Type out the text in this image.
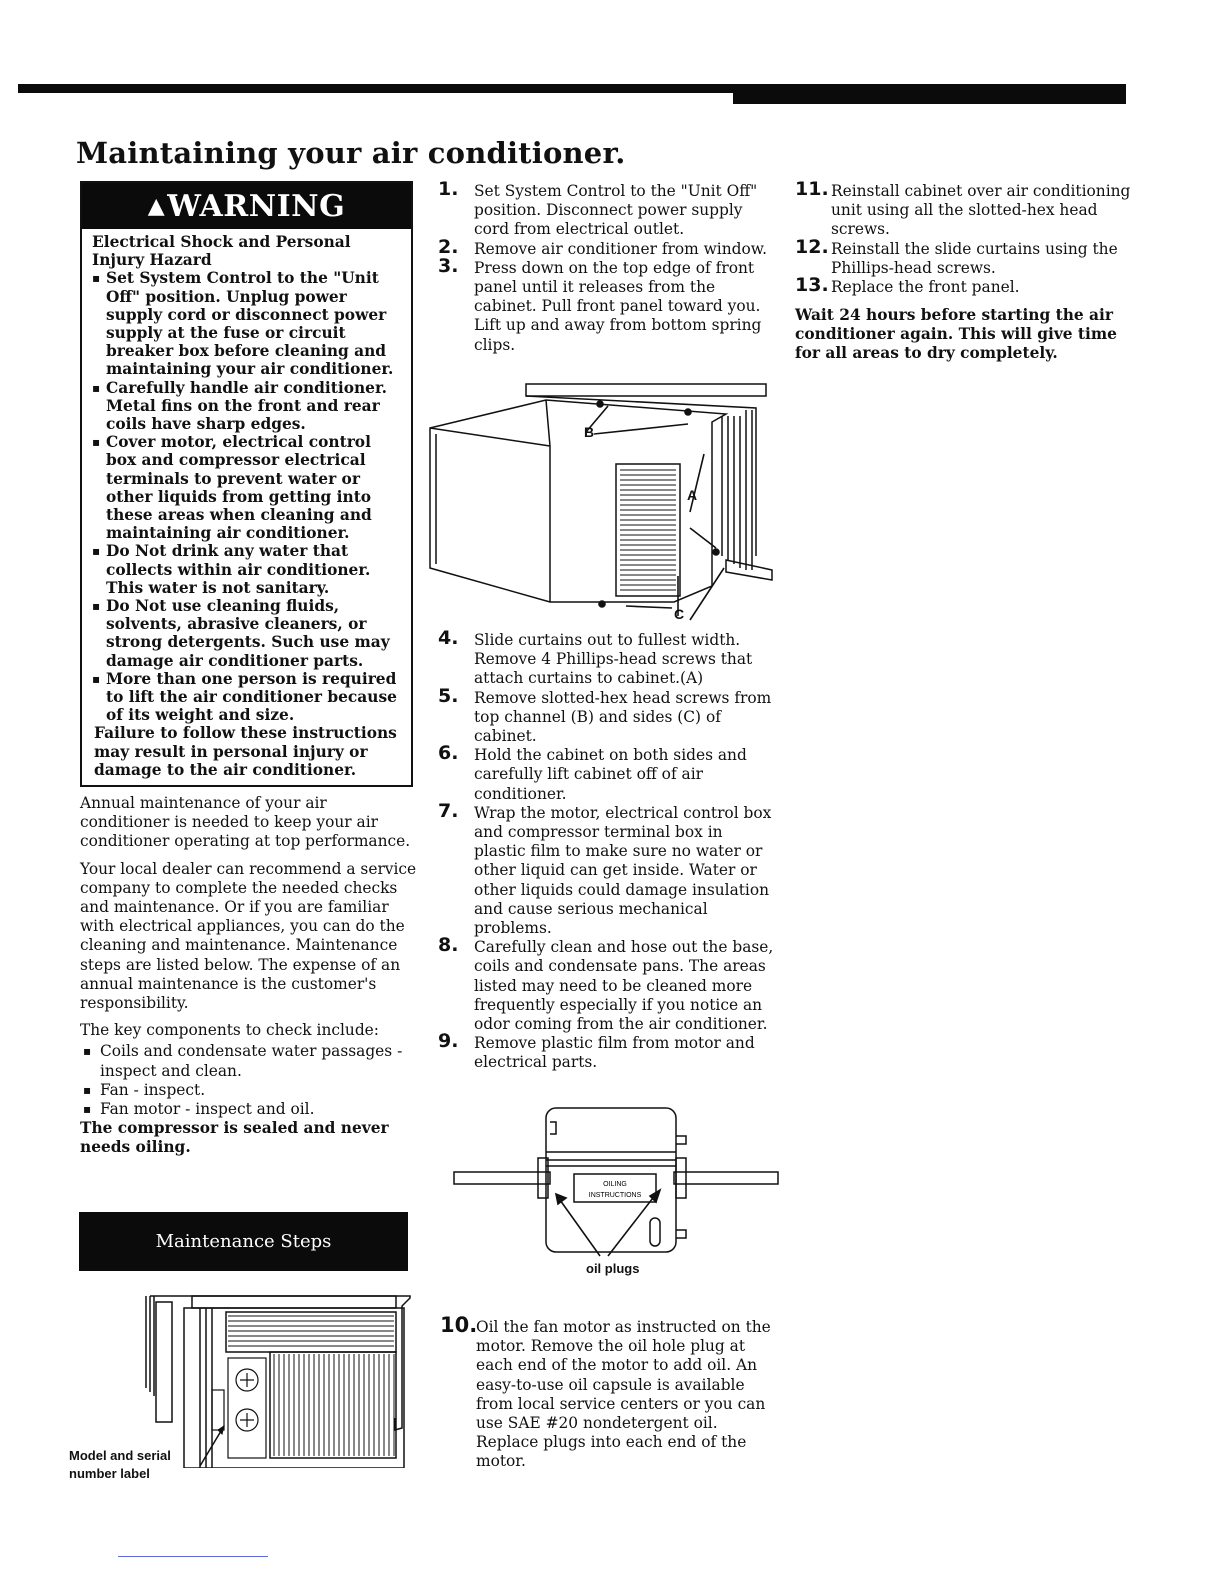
Maintaining your air conditioner.
▲ WARNING
Electrical Shock and Personal Injury Hazard
▪ Set System Control to the "Unit Off" position. Unplug power supply cord or disconnect power supply at the fuse or circuit breaker box before cleaning and maintaining your air conditioner.
▪ Carefully handle air conditioner. Metal fins on the front and rear coils have sharp edges.
▪ Cover motor, electrical control box and compressor electrical terminals to prevent water or other liquids from getting into these areas when cleaning and maintaining air conditioner.
▪ Do Not drink any water that collects within air conditioner. This water is not sanitary.
▪ Do Not use cleaning fluids, solvents, abrasive cleaners, or strong detergents. Such use may damage air conditioner parts.
▪ More than one person is required to lift the air conditioner because of its weight and size.
Failure to follow these instructions may result in personal injury or damage to the air conditioner.

Annual maintenance of your air conditioner is needed to keep your air conditioner operating at top performance.

Your local dealer can recommend a service company to complete the needed checks and maintenance. Or if you are familiar with electrical appliances, you can do the cleaning and maintenance. Maintenance steps are listed below. The expense of an annual maintenance is the customer's responsibility.

The key components to check include:

▪ Coils and condensate water passages - inspect and clean.
▪ Fan - inspect.
▪ Fan motor - inspect and oil.
The compressor is sealed and never needs oiling.
Maintenance Steps
Model and serial number label
1. Set System Control to the "Unit Off" position. Disconnect power supply cord from electrical outlet.
2. Remove air conditioner from window.
3. Press down on the top edge of front panel until it releases from the cabinet. Pull front panel toward you. Lift up and away from bottom spring clips.
B
A
C
4. Slide curtains out to fullest width. Remove 4 Phillips-head screws that attach curtains to cabinet.(A)
5. Remove slotted-hex head screws from top channel (B) and sides (C) of cabinet.
6. Hold the cabinet on both sides and carefully lift cabinet off of air conditioner.
7. Wrap the motor, electrical control box and compressor terminal box in plastic film to make sure no water or other liquid can get inside. Water or other liquids could damage insulation and cause serious mechanical problems.
8. Carefully clean and hose out the base, coils and condensate pans. The areas listed may need to be cleaned more frequently especially if you notice an odor coming from the air conditioner.
9. Remove plastic film from motor and electrical parts.
OILING
INSTRUCTIONS
oil plugs
10.
Oil the fan motor as instructed on the motor. Remove the oil hole plug at each end of the motor to add oil. An easy-to-use oil capsule is available from local service centers or you can use SAE #20 nondetergent oil. Replace plugs into each end of the motor.
11. Reinstall cabinet over air conditioning unit using all the slotted-hex head screws.
12. Reinstall the slide curtains using the Phillips-head screws.
13. Replace the front panel.

Wait 24 hours before starting the air conditioner again. This will give time for all areas to dry completely.
